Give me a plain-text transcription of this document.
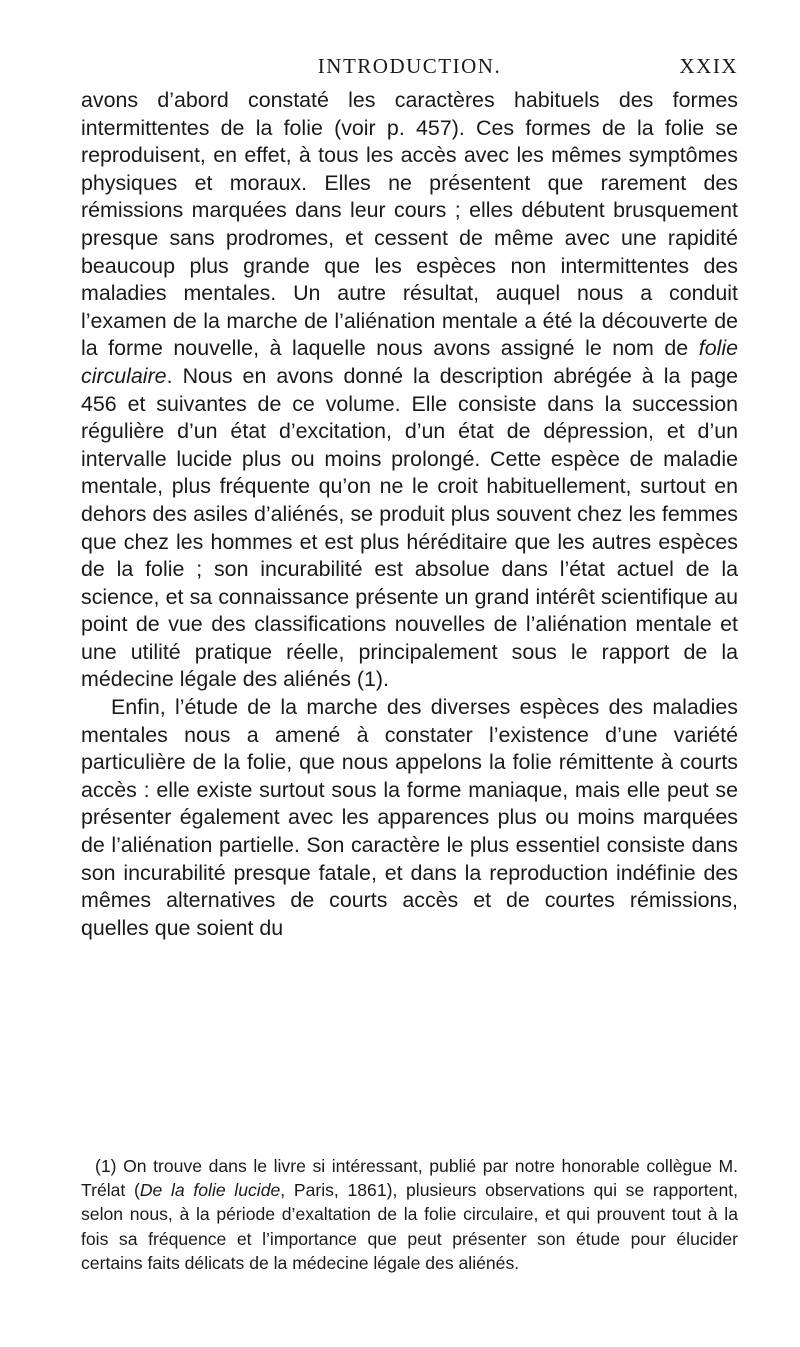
INTRODUCTION.	XXIX

avons d’abord constaté les caractères habituels des formes intermittentes de la folie (voir p. 457). Ces formes de la folie se reproduisent, en effet, à tous les accès avec les mêmes symptômes physiques et moraux. Elles ne présentent que rarement des rémissions marquées dans leur cours ; elles débutent brusquement presque sans prodromes, et cessent de même avec une rapidité beaucoup plus grande que les espèces non intermittentes des maladies mentales. Un autre résultat, auquel nous a conduit l’examen de la marche de l’aliénation mentale a été la découverte de la forme nouvelle, à laquelle nous avons assigné le nom de folie circulaire. Nous en avons donné la description abrégée à la page 456 et suivantes de ce volume. Elle consiste dans la succession régulière d’un état d’excitation, d’un état de dépression, et d’un intervalle lucide plus ou moins prolongé. Cette espèce de maladie mentale, plus fréquente qu’on ne le croit habituellement, surtout en dehors des asiles d’aliénés, se produit plus souvent chez les femmes que chez les hommes et est plus héréditaire que les autres espèces de la folie ; son incurabilité est absolue dans l’état actuel de la science, et sa connaissance présente un grand intérêt scientifique au point de vue des classifications nouvelles de l’aliénation mentale et une utilité pratique réelle, principalement sous le rapport de la médecine légale des aliénés (1).

Enfin, l’étude de la marche des diverses espèces des maladies mentales nous a amené à constater l’existence d’une variété particulière de la folie, que nous appelons la folie rémittente à courts accès : elle existe surtout sous la forme maniaque, mais elle peut se présenter également avec les apparences plus ou moins marquées de l’aliénation partielle. Son caractère le plus essentiel consiste dans son incurabilité presque fatale, et dans la reproduction indéfinie des mêmes alternatives de courts accès et de courtes rémissions, quelles que soient du

(1) On trouve dans le livre si intéressant, publié par notre honorable collègue M. Trélat (De la folie lucide, Paris, 1861), plusieurs observations qui se rapportent, selon nous, à la période d’exaltation de la folie circulaire, et qui prouvent tout à la fois sa fréquence et l’importance que peut présenter son étude pour élucider certains faits délicats de la médecine légale des aliénés.
